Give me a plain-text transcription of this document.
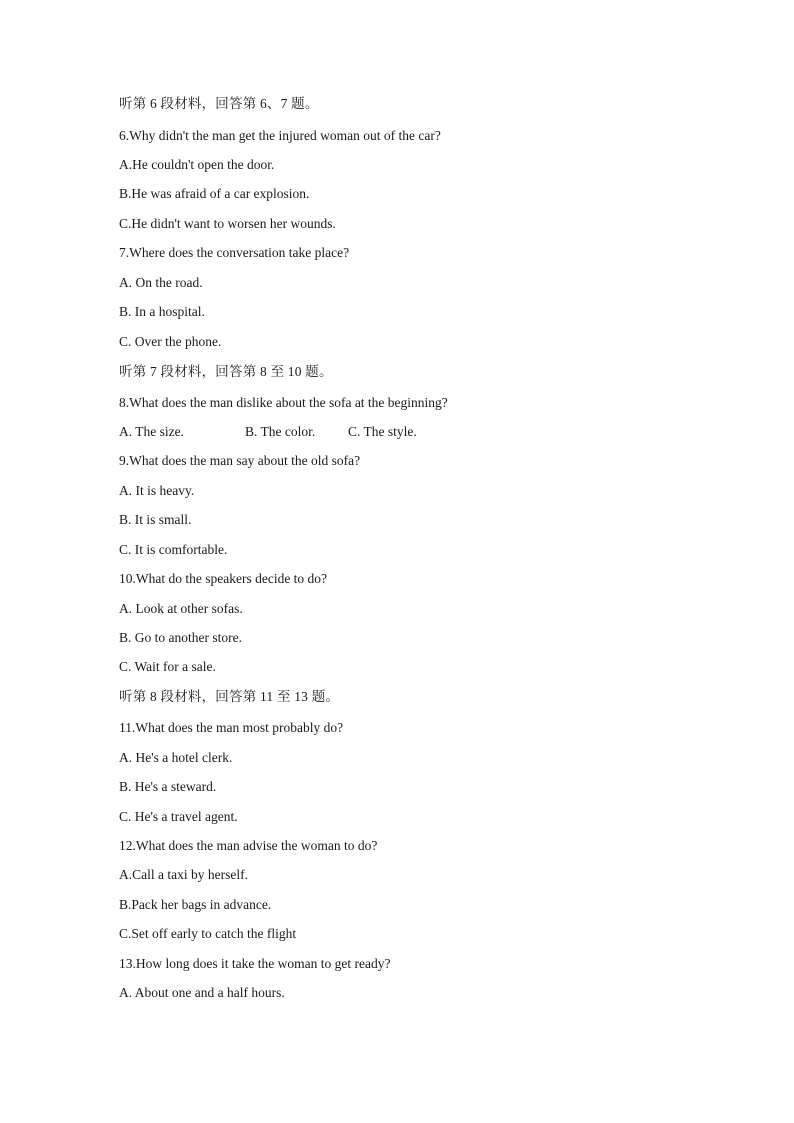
听第 6 段材料，回答第 6、7 题。
6.Why didn't the man get the injured woman out of the car?
A.He couldn't open the door.
B.He was afraid of a car explosion.
C.He didn't want to worsen her wounds.
7.Where does the conversation take place?
A. On the road.
B. In a hospital.
C. Over the phone.
听第 7 段材料，回答第 8 至 10 题。
8.What does the man dislike about the sofa at the beginning?
A. The size.	B. The color. C. The style.
9.What does the man say about the old sofa?
A. It is heavy.
B. It is small.
C. It is comfortable.
10.What do the speakers decide to do?
A. Look at other sofas.
B. Go to another store.
C. Wait for a sale.
听第 8 段材料，回答第 11 至 13 题。
11.What does the man most probably do?
A. He's a hotel clerk.
B. He's a steward.
C. He's a travel agent.
12.What does the man advise the woman to do?
A.Call a taxi by herself.
B.Pack her bags in advance.
C.Set off early to catch the flight
13.How long does it take the woman to get ready?
A. About one and a half hours.
